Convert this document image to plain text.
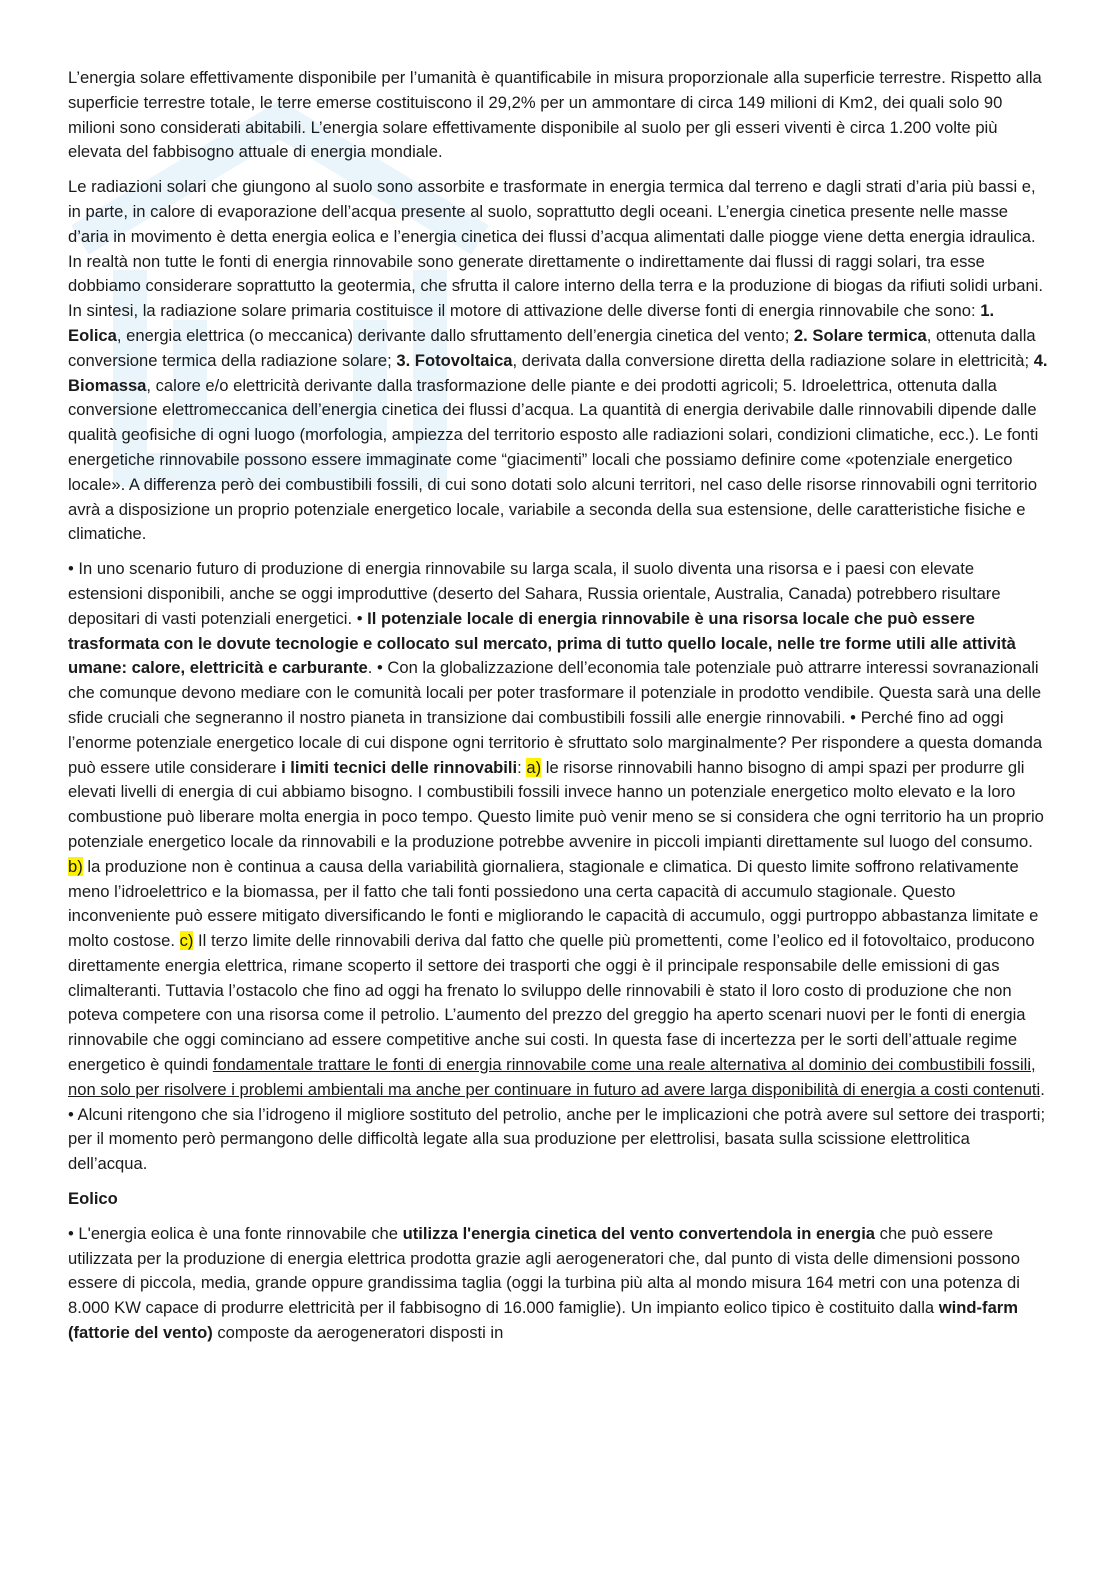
L’energia solare effettivamente disponibile per l’umanità è quantificabile in misura proporzionale alla superficie terrestre. Rispetto alla superficie terrestre totale, le terre emerse costituiscono il 29,2% per un ammontare di circa 149 milioni di Km2, dei quali solo 90 milioni sono considerati abitabili. L’energia solare effettivamente disponibile al suolo per gli esseri viventi è circa 1.200 volte più elevata del fabbisogno attuale di energia mondiale.

Le radiazioni solari che giungono al suolo sono assorbite e trasformate in energia termica dal terreno e dagli strati d’aria più bassi e, in parte, in calore di evaporazione dell’acqua presente al suolo, soprattutto degli oceani. L’energia cinetica presente nelle masse d’aria in movimento è detta energia eolica e l’energia cinetica dei flussi d’acqua alimentati dalle piogge viene detta energia idraulica. In realtà non tutte le fonti di energia rinnovabile sono generate direttamente o indirettamente dai flussi di raggi solari, tra esse dobbiamo considerare soprattutto la geotermia, che sfrutta il calore interno della terra e la produzione di biogas da rifiuti solidi urbani. In sintesi, la radiazione solare primaria costituisce il motore di attivazione delle diverse fonti di energia rinnovabile che sono: 1. Eolica, energia elettrica (o meccanica) derivante dallo sfruttamento dell’energia cinetica del vento; 2. Solare termica, ottenuta dalla conversione termica della radiazione solare; 3. Fotovoltaica, derivata dalla conversione diretta della radiazione solare in elettricità; 4. Biomassa, calore e/o elettricità derivante dalla trasformazione delle piante e dei prodotti agricoli; 5. Idroelettrica, ottenuta dalla conversione elettromeccanica dell’energia cinetica dei flussi d’acqua. La quantità di energia derivabile dalle rinnovabili dipende dalle qualità geofisiche di ogni luogo (morfologia, ampiezza del territorio esposto alle radiazioni solari, condizioni climatiche, ecc.). Le fonti energetiche rinnovabile possono essere immaginate come “giacimenti” locali che possiamo definire come «potenziale energetico locale». A differenza però dei combustibili fossili, di cui sono dotati solo alcuni territori, nel caso delle risorse rinnovabili ogni territorio avrà a disposizione un proprio potenziale energetico locale, variabile a seconda della sua estensione, delle caratteristiche fisiche e climatiche.

• In uno scenario futuro di produzione di energia rinnovabile su larga scala, il suolo diventa una risorsa e i paesi con elevate estensioni disponibili, anche se oggi improduttive (deserto del Sahara, Russia orientale, Australia, Canada) potrebbero risultare depositari di vasti potenziali energetici. • Il potenziale locale di energia rinnovabile è una risorsa locale che può essere trasformata con le dovute tecnologie e collocato sul mercato, prima di tutto quello locale, nelle tre forme utili alle attività umane: calore, elettricità e carburante. • Con la globalizzazione dell’economia tale potenziale può attrarre interessi sovranazionali che comunque devono mediare con le comunità locali per poter trasformare il potenziale in prodotto vendibile. Questa sarà una delle sfide cruciali che segneranno il nostro pianeta in transizione dai combustibili fossili alle energie rinnovabili. • Perché fino ad oggi l’enorme potenziale energetico locale di cui dispone ogni territorio è sfruttato solo marginalmente? Per rispondere a questa domanda può essere utile considerare i limiti tecnici delle rinnovabili: a) le risorse rinnovabili hanno bisogno di ampi spazi per produrre gli elevati livelli di energia di cui abbiamo bisogno. I combustibili fossili invece hanno un potenziale energetico molto elevato e la loro combustione può liberare molta energia in poco tempo. Questo limite può venir meno se si considera che ogni territorio ha un proprio potenziale energetico locale da rinnovabili e la produzione potrebbe avvenire in piccoli impianti direttamente sul luogo del consumo. b) la produzione non è continua a causa della variabilità giornaliera, stagionale e climatica. Di questo limite soffrono relativamente meno l’idroelettrico e la biomassa, per il fatto che tali fonti possiedono una certa capacità di accumulo stagionale. Questo inconveniente può essere mitigato diversificando le fonti e migliorando le capacità di accumulo, oggi purtroppo abbastanza limitate e molto costose. c) Il terzo limite delle rinnovabili deriva dal fatto che quelle più promettenti, come l’eolico ed il fotovoltaico, producono direttamente energia elettrica, rimane scoperto il settore dei trasporti che oggi è il principale responsabile delle emissioni di gas climalteranti. Tuttavia l’ostacolo che fino ad oggi ha frenato lo sviluppo delle rinnovabili è stato il loro costo di produzione che non poteva competere con una risorsa come il petrolio. L’aumento del prezzo del greggio ha aperto scenari nuovi per le fonti di energia rinnovabile che oggi cominciano ad essere competitive anche sui costi. In questa fase di incertezza per le sorti dell’attuale regime energetico è quindi fondamentale trattare le fonti di energia rinnovabile come una reale alternativa al dominio dei combustibili fossili, non solo per risolvere i problemi ambientali ma anche per continuare in futuro ad avere larga disponibilità di energia a costi contenuti. • Alcuni ritengono che sia l’idrogeno il migliore sostituto del petrolio, anche per le implicazioni che potrà avere sul settore dei trasporti; per il momento però permangono delle difficoltà legate alla sua produzione per elettrolisi, basata sulla scissione elettrolitica dell’acqua.

Eolico

• L'energia eolica è una fonte rinnovabile che utilizza l'energia cinetica del vento convertendola in energia che può essere utilizzata per la produzione di energia elettrica prodotta grazie agli aerogeneratori che, dal punto di vista delle dimensioni possono essere di piccola, media, grande oppure grandissima taglia (oggi la turbina più alta al mondo misura 164 metri con una potenza di 8.000 KW capace di produrre elettricità per il fabbisogno di 16.000 famiglie). Un impianto eolico tipico è costituito dalla wind-farm (fattorie del vento) composte da aerogeneratori disposti in
